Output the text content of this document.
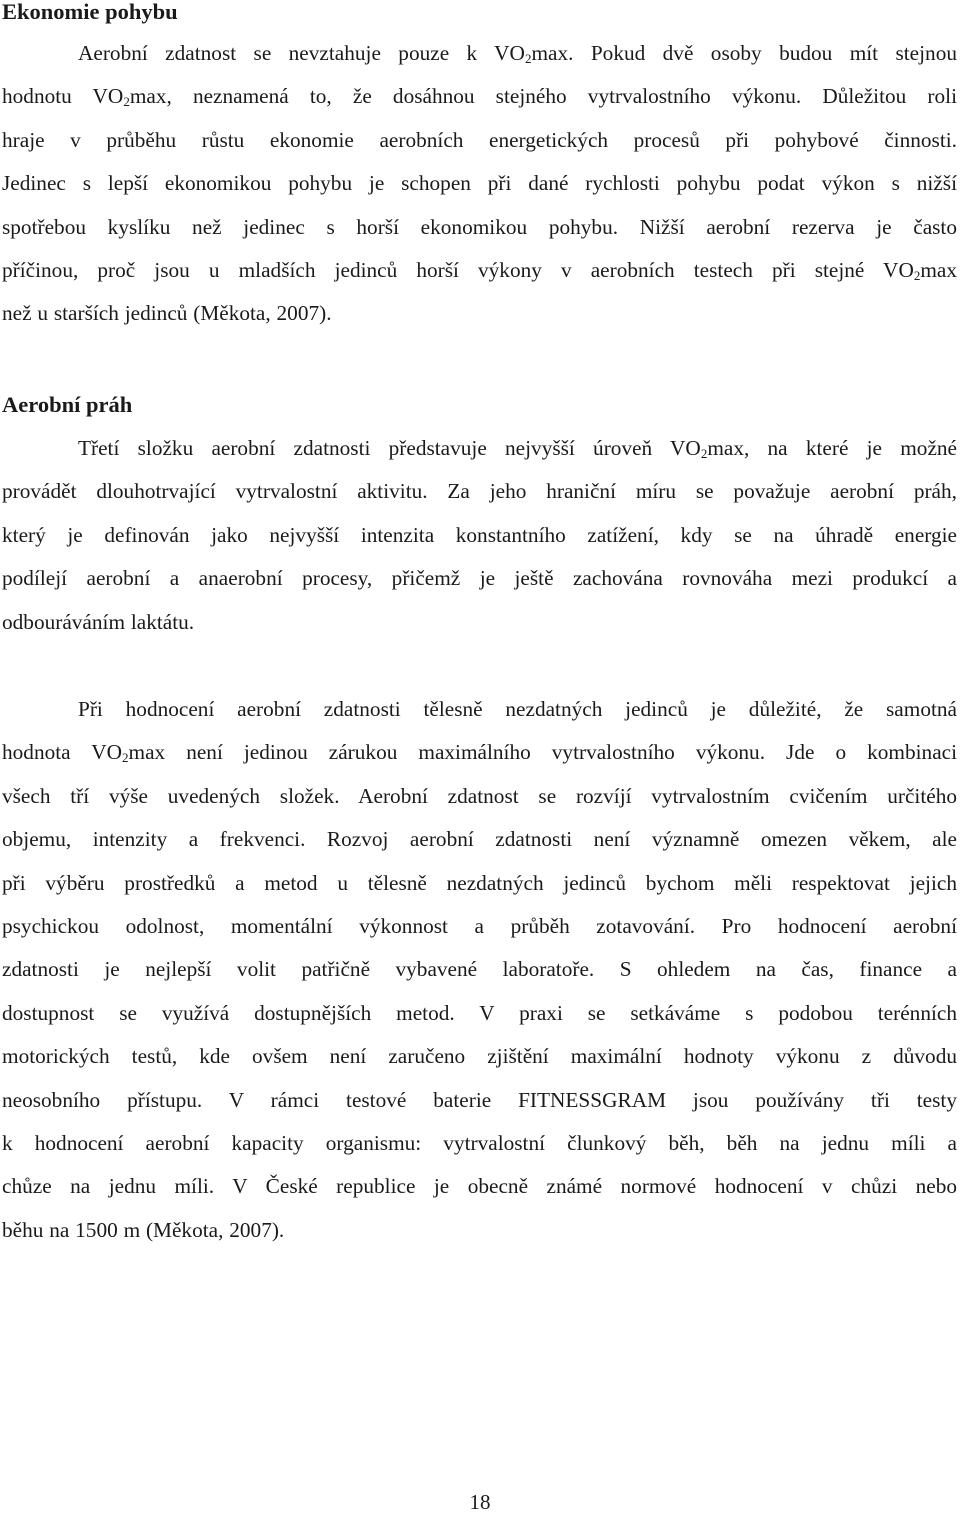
Ekonomie pohybu
Aerobní zdatnost se nevztahuje pouze k $VO_2\max$. Pokud dvě osoby budou mít stejnou
hodnotu $VO_2\max$, neznamená to, že dosáhnou stejného vytrvalostního výkonu. Důležitou roli
hraje v průběhu růstu ekonomie aerobních energetických procesů při pohybové činnosti.
Jedinec s lepší ekonomikou pohybu je schopen při dané rychlosti pohybu podat výkon s nižší
spotřebou kyslíku než jedinec s horší ekonomikou pohybu. Nižší aerobní rezerva je často
příčinou, proč jsou u mladších jedinců horší výkony v aerobních testech při stejné $VO_2\max$
než u starších jedinců (Měkota, 2007).
Aerobní práh
Třetí složku aerobní zdatnosti představuje nejvyšší úroveň $VO_2\max$, na které je možné
provádět dlouhotrvající vytrvalostní aktivitu. Za jeho hraniční míru se považuje aerobní práh,
který je definován jako nejvyšší intenzita konstantního zatížení, kdy se na úhradě energie
podílejí aerobní a anaerobní procesy, přičemž je ještě zachována rovnováha mezi produkcí a
odbouráváním laktátu.
Při hodnocení aerobní zdatnosti tělesně nezdatných jedinců je důležité, že samotná
hodnota $VO_2\max$ není jedinou zárukou maximálního vytrvalostního výkonu. Jde o kombinaci
všech tří výše uvedených složek. Aerobní zdatnost se rozvíjí vytrvalostním cvičením určitého
objemu, intenzity a frekvenci. Rozvoj aerobní zdatnosti není významně omezen věkem, ale
při výběru prostředků a metod u tělesně nezdatných jedinců bychom měli respektovat jejich
psychickou odolnost, momentální výkonnost a průběh zotavování. Pro hodnocení aerobní
zdatnosti je nejlepší volit patřičně vybavené laboratoře. S ohledem na čas, finance a
dostupnost se využívá dostupnějších metod. V praxi se setkáváme s podobou terénních
motorických testů, kde ovšem není zaručeno zjištění maximální hodnoty výkonu z důvodu
neosobního přístupu. V rámci testové baterie FITNESSGRAM jsou používány tři testy
k hodnocení aerobní kapacity organismu: vytrvalostní člunkový běh, běh na jednu míli a
chůze na jednu míli. V České republice je obecně známé normové hodnocení v chůzi nebo
běhu na 1500 m (Měkota, 2007).
18
